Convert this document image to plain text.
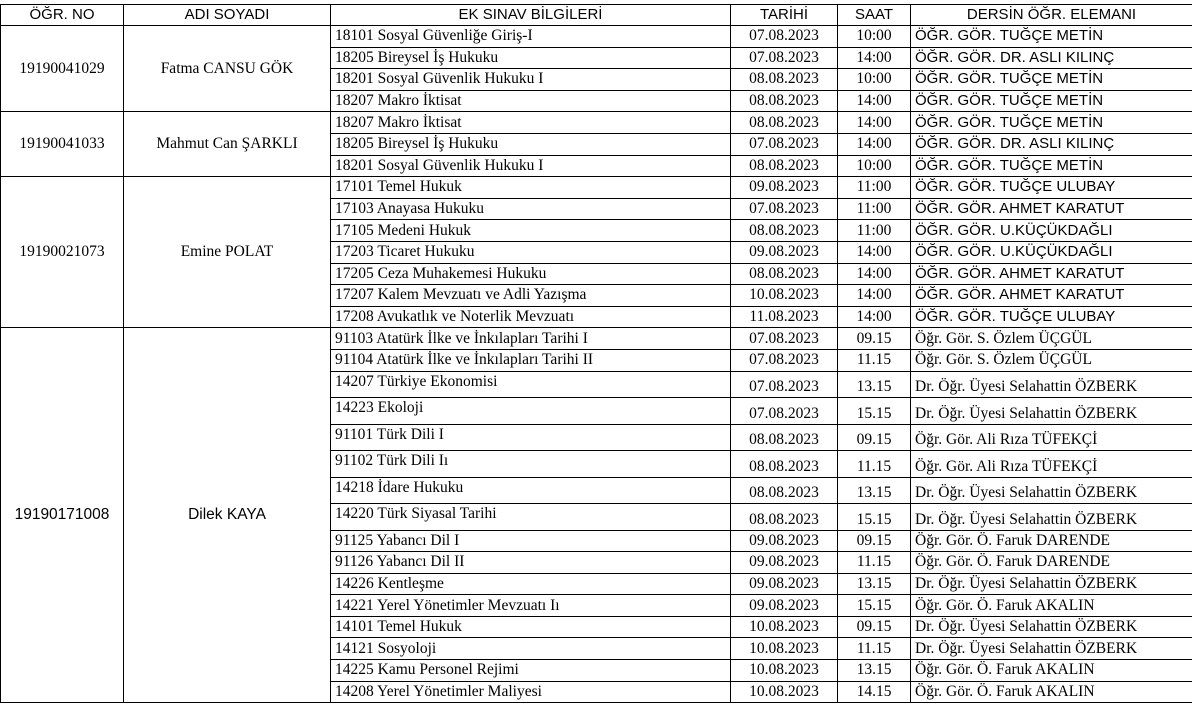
ÖĞR. NO	ADI SOYADI	EK SINAV BİLGİLERİ	TARİHİ	SAAT	DERSİN ÖĞR. ELEMANI
19190041029	Fatma CANSU GÖK	18101 Sosyal Güvenliğe Giriş-I	07.08.2023	10:00	ÖĞR. GÖR. TUĞÇE METİN
		18205 Bireysel İş Hukuku	07.08.2023	14:00	ÖĞR. GÖR. DR. ASLI KILINÇ
		18201 Sosyal Güvenlik Hukuku I	08.08.2023	10:00	ÖĞR. GÖR. TUĞÇE METİN
		18207 Makro İktisat	08.08.2023	14:00	ÖĞR. GÖR. TUĞÇE METİN
19190041033	Mahmut Can ŞARKLI	18207 Makro İktisat	08.08.2023	14:00	ÖĞR. GÖR. TUĞÇE METİN
		18205 Bireysel İş Hukuku	07.08.2023	14:00	ÖĞR. GÖR. DR. ASLI KILINÇ
		18201 Sosyal Güvenlik Hukuku I	08.08.2023	10:00	ÖĞR. GÖR. TUĞÇE METİN
19190021073	Emine POLAT	17101 Temel Hukuk	09.08.2023	11:00	ÖĞR. GÖR. TUĞÇE ULUBAY
		17103 Anayasa Hukuku	07.08.2023	11:00	ÖĞR. GÖR. AHMET KARATUT
		17105 Medeni Hukuk	08.08.2023	11:00	ÖĞR. GÖR. U.KÜÇÜKDAĞLI
		17203 Ticaret Hukuku	09.08.2023	14:00	ÖĞR. GÖR. U.KÜÇÜKDAĞLI
		17205 Ceza Muhakemesi Hukuku	08.08.2023	14:00	ÖĞR. GÖR. AHMET KARATUT
		17207 Kalem Mevzuatı ve Adli Yazışma	10.08.2023	14:00	ÖĞR. GÖR. AHMET KARATUT
		17208 Avukatlık ve Noterlik Mevzuatı	11.08.2023	14:00	ÖĞR. GÖR. TUĞÇE ULUBAY
19190171008	Dilek KAYA	91103 Atatürk İlke ve İnkılapları Tarihi I	07.08.2023	09.15	Öğr. Gör. S. Özlem ÜÇGÜL
		91104 Atatürk İlke ve İnkılapları Tarihi II	07.08.2023	11.15	Öğr. Gör. S. Özlem ÜÇGÜL
		14207 Türkiye Ekonomisi	07.08.2023	13.15	Dr. Öğr. Üyesi Selahattin ÖZBERK
		14223 Ekoloji	07.08.2023	15.15	Dr. Öğr. Üyesi Selahattin ÖZBERK
		91101 Türk Dili I	08.08.2023	09.15	Öğr. Gör. Ali Rıza TÜFEKÇİ
		91102 Türk Dili Iı	08.08.2023	11.15	Öğr. Gör. Ali Rıza TÜFEKÇİ
		14218 İdare Hukuku	08.08.2023	13.15	Dr. Öğr. Üyesi Selahattin ÖZBERK
		14220 Türk Siyasal Tarihi	08.08.2023	15.15	Dr. Öğr. Üyesi Selahattin ÖZBERK
		91125 Yabancı Dil I	09.08.2023	09.15	Öğr. Gör. Ö. Faruk DARENDE
		91126 Yabancı Dil II	09.08.2023	11.15	Öğr. Gör. Ö. Faruk DARENDE
		14226 Kentleşme	09.08.2023	13.15	Dr. Öğr. Üyesi Selahattin ÖZBERK
		14221 Yerel Yönetimler Mevzuatı Iı	09.08.2023	15.15	Öğr. Gör. Ö. Faruk AKALIN
		14101 Temel Hukuk	10.08.2023	09.15	Dr. Öğr. Üyesi Selahattin ÖZBERK
		14121 Sosyoloji	10.08.2023	11.15	Dr. Öğr. Üyesi Selahattin ÖZBERK
		14225 Kamu Personel Rejimi	10.08.2023	13.15	Öğr. Gör. Ö. Faruk AKALIN
		14208 Yerel Yönetimler Maliyesi	10.08.2023	14.15	Öğr. Gör. Ö. Faruk AKALIN
